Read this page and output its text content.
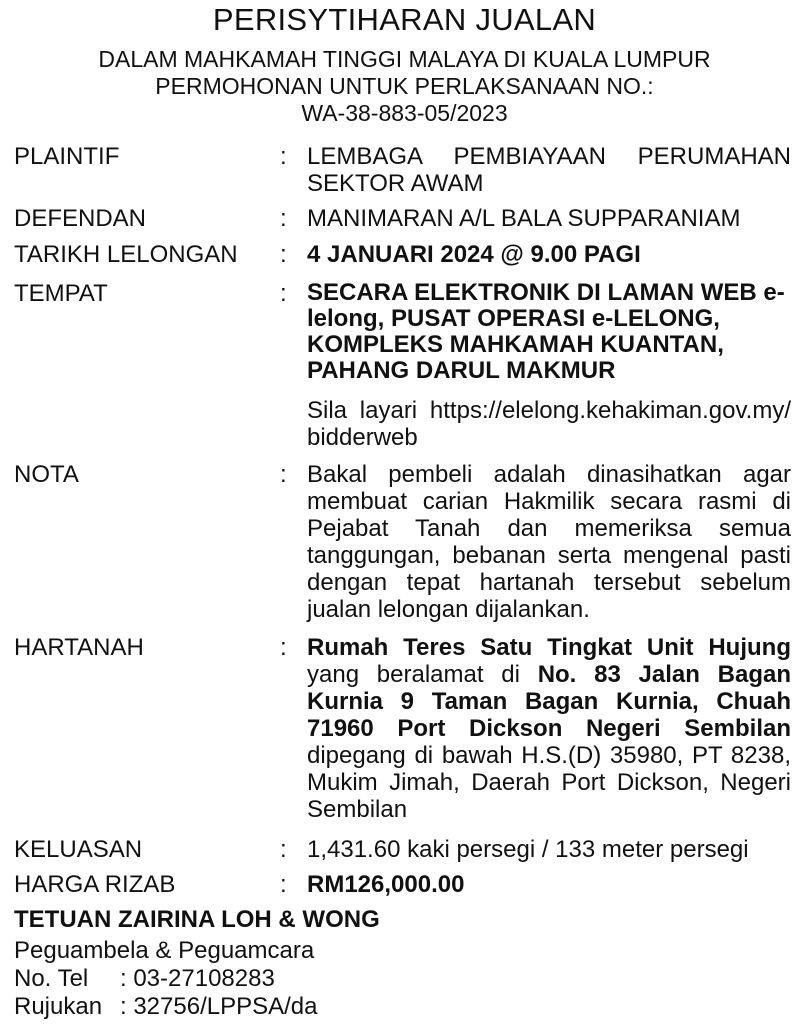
PERISYTIHARAN JUALAN
DALAM MAHKAMAH TINGGI MALAYA DI KUALA LUMPUR
PERMOHONAN UNTUK PERLAKSANAAN NO.:
WA-38-883-05/2023
PLAINTIF	: LEMBAGA PEMBIAYAAN PERUMAHAN SEKTOR AWAM
DEFENDAN	: MANIMARAN A/L BALA SUPPARANIAM
TARIKH LELONGAN : 4 JANUARI 2024 @ 9.00 PAGI
TEMPAT	: SECARA ELEKTRONIK DI LAMAN WEB e-lelong, PUSAT OPERASI e-LELONG, KOMPLEKS MAHKAMAH KUANTAN, PAHANG DARUL MAKMUR
Sila layari https://elelong.kehakiman.gov.my/bidderweb
NOTA	: Bakal pembeli adalah dinasihatkan agar membuat carian Hakmilik secara rasmi di Pejabat Tanah dan memeriksa semua tanggungan, bebanan serta mengenal pasti dengan tepat hartanah tersebut sebelum jualan lelongan dijalankan.
HARTANAH	: Rumah Teres Satu Tingkat Unit Hujung yang beralamat di No. 83 Jalan Bagan Kurnia 9 Taman Bagan Kurnia, Chuah 71960 Port Dickson Negeri Sembilan dipegang di bawah H.S.(D) 35980, PT 8238, Mukim Jimah, Daerah Port Dickson, Negeri Sembilan
KELUASAN	: 1,431.60 kaki persegi / 133 meter persegi
HARGA RIZAB	: RM126,000.00
TETUAN ZAIRINA LOH & WONG
Peguambela & Peguamcara
No. Tel : 03-27108283
Rujukan : 32756/LPPSA/da
